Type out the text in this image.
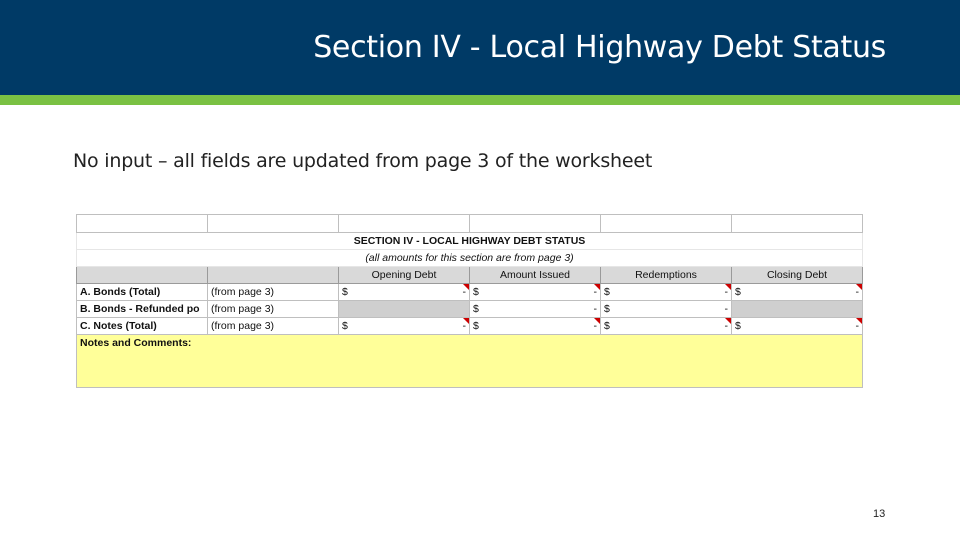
Section IV - Local Highway Debt Status

No input – all fields are updated from page 3 of the worksheet

SECTION IV - LOCAL HIGHWAY DEBT STATUS					
(all amounts for this section are from page 3)					
		Opening Debt	Amount Issued	Redemptions	Closing Debt
A. Bonds (Total)	(from page 3)	$ -	$ -	$ -	$ -

B. Bonds - Refunded po	(from page 3)		$ -	$ -	

C. Notes (Total)	(from page 3)	$ -	$ -	$ -	$ -

Notes and Comments:					
13
